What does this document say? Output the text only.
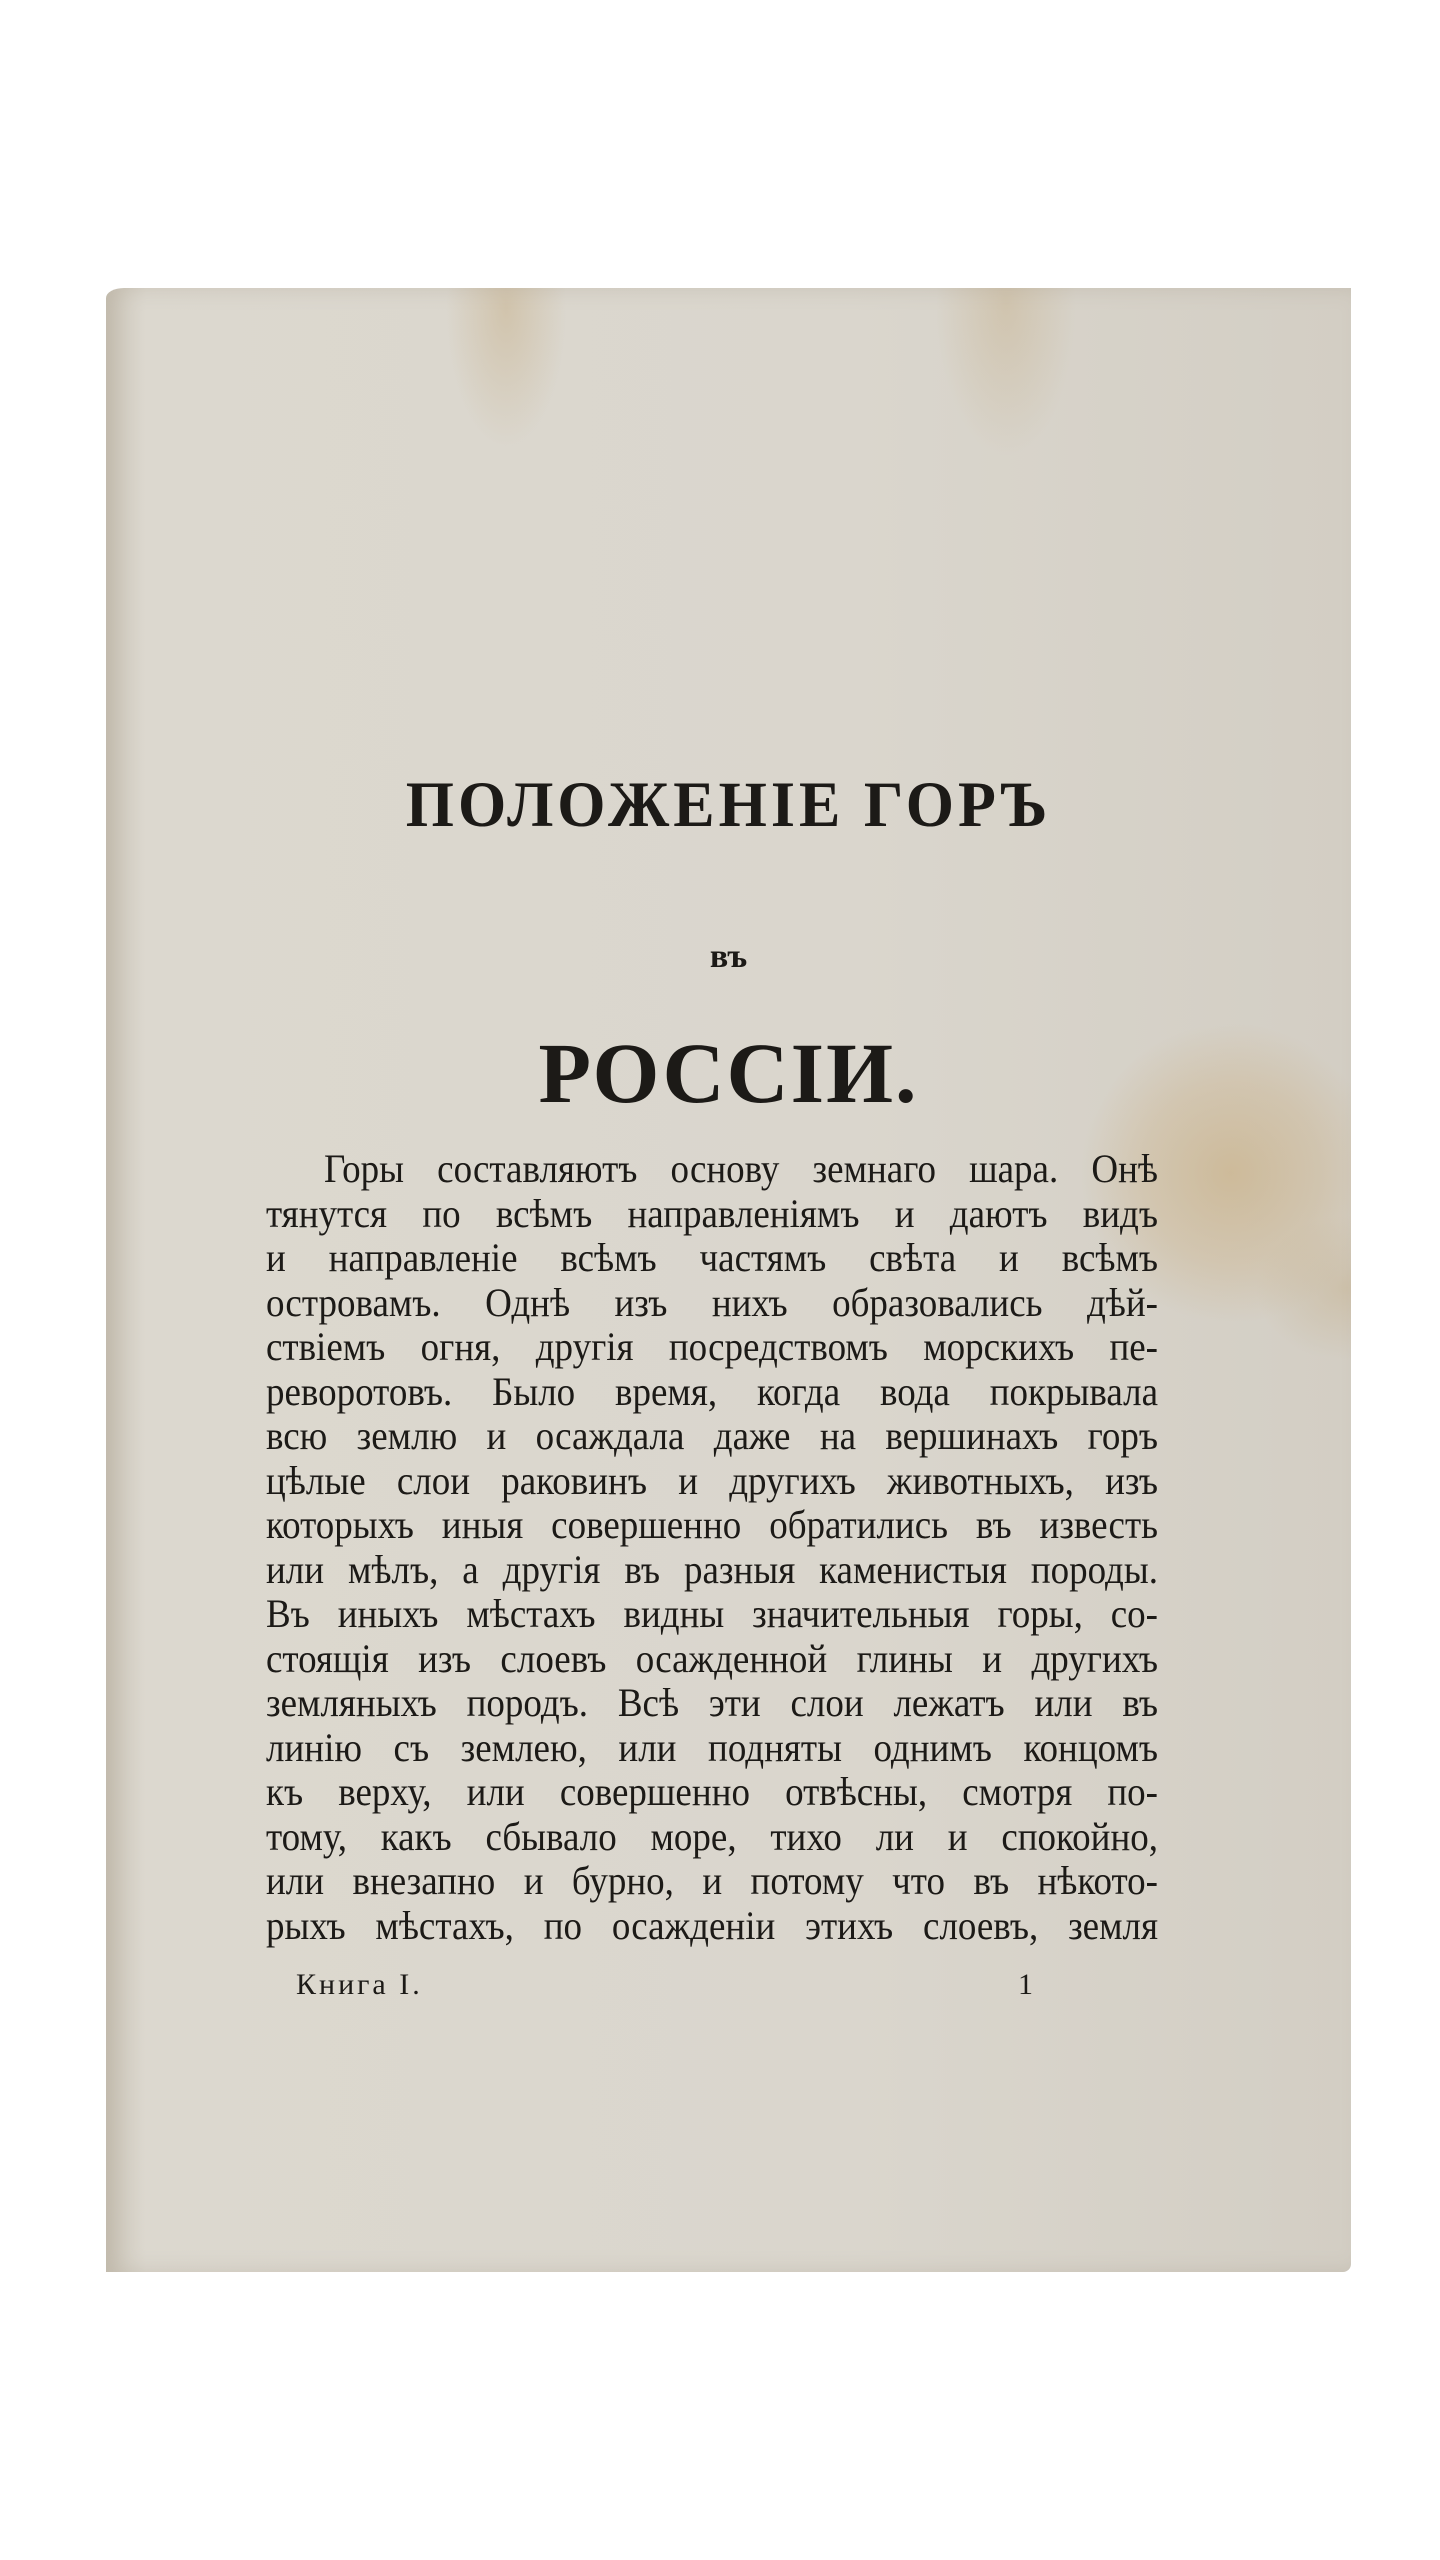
ПОЛОЖЕНІЕ ГОРЪ
въ
РОССІИ.
Горы составляютъ основу земнаго шара. Онѣ
тянутся по всѣмъ направленіямъ и даютъ видъ
и направленіе всѣмъ частямъ свѣта и всѣмъ
островамъ. Однѣ изъ нихъ образовались дѣй-
ствіемъ огня, другія посредствомъ морскихъ пе-
реворотовъ. Было время, когда вода покрывала
всю землю и осаждала даже на вершинахъ горъ
цѣлые слои раковинъ и другихъ животныхъ, изъ
которыхъ иныя совершенно обратились въ известь
или мѣлъ, а другія въ разныя каменистыя породы.
Въ иныхъ мѣстахъ видны значительныя горы, со-
стоящія изъ слоевъ осажденной глины и другихъ
земляныхъ породъ. Всѣ эти слои лежатъ или въ
линію съ землею, или подняты однимъ концомъ
къ верху, или совершенно отвѣсны, смотря по-
тому, какъ сбывало море, тихо ли и спокойно,
или внезапно и бурно, и потому что въ нѣкото-
рыхъ мѣстахъ, по осажденіи этихъ слоевъ, земля
Книга I.	1
